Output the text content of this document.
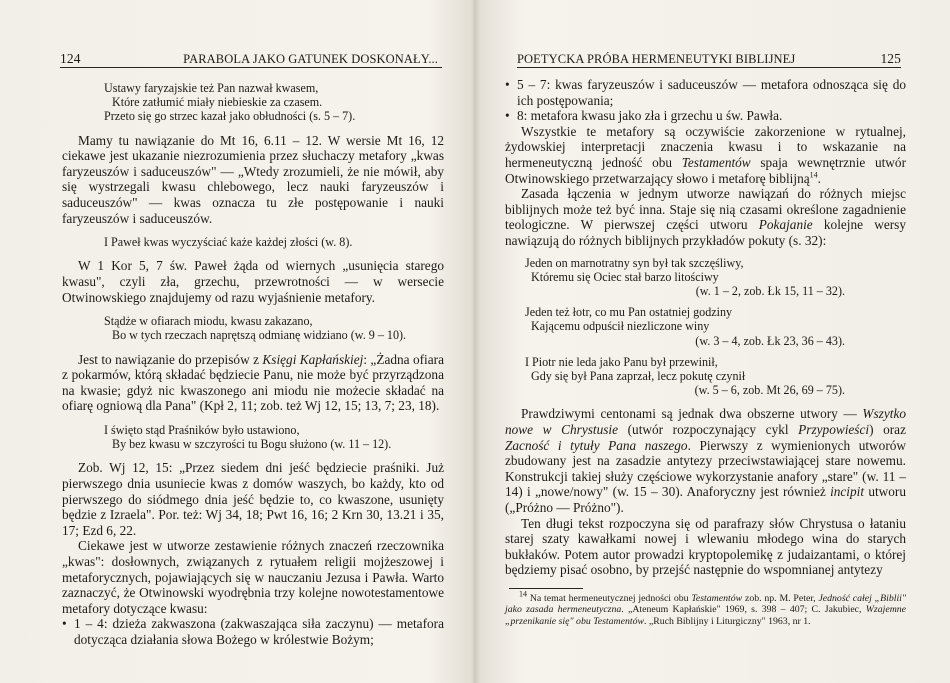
124	PARABOLA JAKO GATUNEK DOSKONAŁY...
Ustawy faryzajskie też Pan nazwał kwasem,
Które zatłumić miały niebieskie za czasem.
Przeto się go strzec kazał jako obłudności (s. 5 – 7).

Mamy tu nawiązanie do Mt 16, 6.11 – 12. W wersie Mt 16, 12 ciekawe jest ukazanie niezrozumienia przez słuchaczy metafory „kwas faryzeuszów i saduceuszów" — „Wtedy zrozumieli, że nie mówił, aby się wystrzegali kwasu chlebowego, lecz nauki faryzeuszów i saduceuszów" — kwas oznacza tu złe postępowanie i nauki faryzeuszów i saduceuszów.

I Paweł kwas wyczyściać każe każdej złości (w. 8).

W 1 Kor 5, 7 św. Paweł żąda od wiernych „usunięcia starego kwasu", czyli zła, grzechu, przewrotności — w wersecie Otwinowskiego znajdujemy od razu wyjaśnienie metafory.

Stądże w ofiarach miodu, kwasu zakazano,
Bo w tych rzeczach naprętszą odmianę widziano (w. 9 – 10).

Jest to nawiązanie do przepisów z Księgi Kapłańskiej: „Żadna ofiara z pokarmów, którą składać będziecie Panu, nie może być przyrządzona na kwasie; gdyż nic kwaszonego ani miodu nie możecie składać na ofiarę ogniową dla Pana" (Kpł 2, 11; zob. też Wj 12, 15; 13, 7; 23, 18).

I święto stąd Praśników było ustawiono,
By bez kwasu w szczyrości tu Bogu służono (w. 11 – 12).

Zob. Wj 12, 15: „Przez siedem dni jeść będziecie praśniki. Już pierwszego dnia usuniecie kwas z domów waszych, bo każdy, kto od pierwszego do siódmego dnia jeść będzie to, co kwaszone, usunięty będzie z Izraela". Por. też: Wj 34, 18; Pwt 16, 16; 2 Krn 30, 13.21 i 35, 17; Ezd 6, 22.

Ciekawe jest w utworze zestawienie różnych znaczeń rzeczownika „kwas": dosłownych, związanych z rytuałem religii mojżeszowej i metaforycznych, pojawiających się w nauczaniu Jezusa i Pawła. Warto zaznaczyć, że Otwinowski wyodrębnia trzy kolejne nowotestamentowe metafory dotyczące kwasu:

• 1 – 4: dzieża zakwaszona (zakwaszająca siła zaczynu) — metafora dotycząca działania słowa Bożego w królestwie Bożym;
POETYCKA PRÓBA HERMENEUTYKI BIBLIJNEJ	125
• 5 – 7: kwas faryzeuszów i saduceuszów — metafora odnosząca się do ich postępowania;
• 8: metafora kwasu jako zła i grzechu u św. Pawła.

Wszystkie te metafory są oczywiście zakorzenione w rytualnej, żydowskiej interpretacji znaczenia kwasu i to wskazanie na hermeneutyczną jedność obu Testamentów spaja wewnętrznie utwór Otwinowskiego przetwarzający słowo i metaforę biblijną$^{14}$.

Zasada łączenia w jednym utworze nawiązań do różnych miejsc biblijnych może też być inna. Staje się nią czasami określone zagadnienie teologiczne. W pierwszej części utworu Pokajanie kolejne wersy nawiązują do różnych biblijnych przykładów pokuty (s. 32):

Jeden on marnotratny syn był tak szczęśliwy,
Któremu się Ociec stał barzo litościwy
(w. 1 – 2, zob. Łk 15, 11 – 32).
Jeden też łotr, co mu Pan ostatniej godziny
Kającemu odpuścił niezliczone winy
(w. 3 – 4, zob. Łk 23, 36 – 43).
I Piotr nie leda jako Panu był przewinił,
Gdy się był Pana zaprzał, lecz pokutę czynił
(w. 5 – 6, zob. Mt 26, 69 – 75).

Prawdziwymi centonami są jednak dwa obszerne utwory — Wszytko nowe w Chrystusie (utwór rozpoczynający cykl Przypowieści) oraz Zacność i tytuły Pana naszego. Pierwszy z wymienionych utworów zbudowany jest na zasadzie antytezy przeciwstawiającej stare nowemu. Konstrukcji takiej służy częściowe wykorzystanie anafory „stare" (w. 11 – 14) i „nowe/nowy" (w. 15 – 30). Anaforyczny jest również incipit utworu („Próżno — Próżno").

Ten długi tekst rozpoczyna się od parafrazy słów Chrystusa o łataniu starej szaty kawałkami nowej i wlewaniu młodego wina do starych bukłaków. Potem autor prowadzi kryptopolemikę z judaizantami, o której będziemy pisać osobno, by przejść następnie do wspomnianej antytezy

$^{14}$ Na temat hermeneutycznej jedności obu Testamentów zob. np. M. Peter, Jedność całej „Biblii" jako zasada hermeneutyczna. „Ateneum Kapłańskie" 1969, s. 398 – 407; C. Jakubiec, Wzajemne „przenikanie się" obu Testamentów. „Ruch Biblijny i Liturgiczny" 1963, nr 1.
